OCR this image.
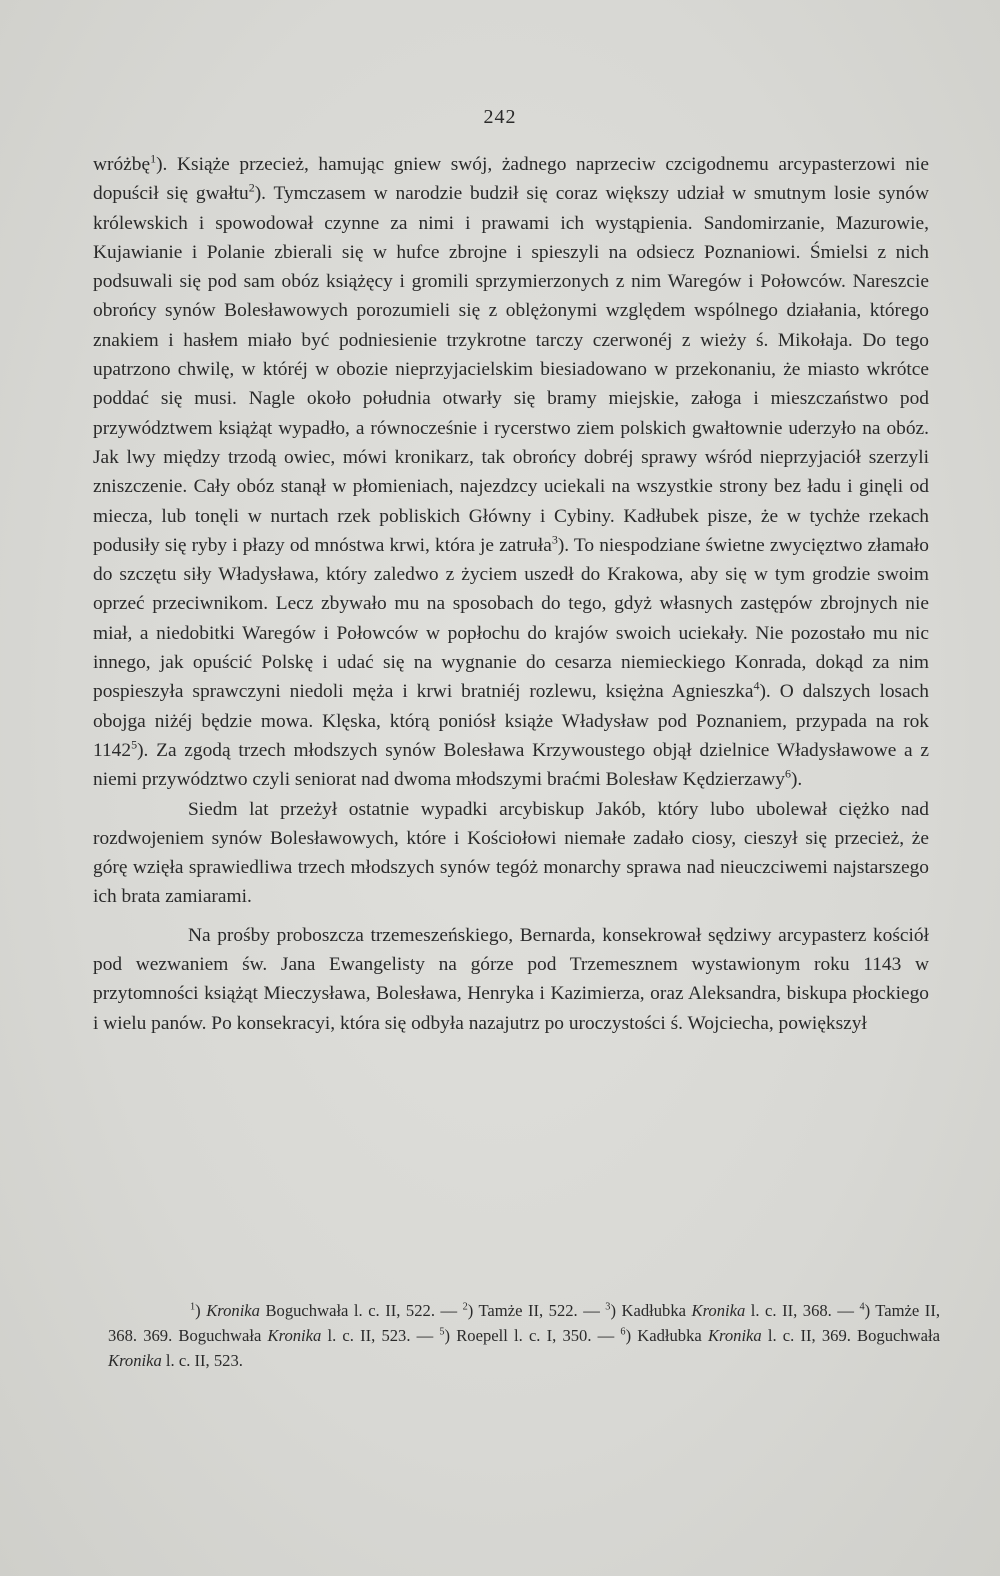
242

wróżbę$^1$). Książe przecież, hamując gniew swój, żadnego naprzeciw czcigodnemu arcypasterzowi nie dopuścił się gwałtu$^2$). Tymczasem w narodzie budził się coraz większy udział w smutnym losie synów królewskich i spowodował czynne za nimi i prawami ich wystąpienia. Sandomirzanie, Mazurowie, Kujawianie i Polanie zbierali się w hufce zbrojne i spieszyli na odsiecz Poznaniowi. Śmielsi z nich podsuwali się pod sam obóz książęcy i gromili sprzymierzonych z nim Waregów i Połowców. Nareszcie obrońcy synów Bolesławowych porozumieli się z oblężonymi względem wspólnego działania, którego znakiem i hasłem miało być podniesienie trzykrotne tarczy czerwonéj z wieży ś. Mikołaja. Do tego upatrzono chwilę, w któréj w obozie nieprzyjacielskim biesiadowano w przekonaniu, że miasto wkrótce poddać się musi. Nagle około południa otwarły się bramy miejskie, załoga i mieszczaństwo pod przywództwem książąt wypadło, a równocześnie i rycerstwo ziem polskich gwałtownie uderzyło na obóz. Jak lwy między trzodą owiec, mówi kronikarz, tak obrońcy dobréj sprawy wśród nieprzyjaciół szerzyli zniszczenie. Cały obóz stanął w płomieniach, najezdzcy uciekali na wszystkie strony bez ładu i ginęli od miecza, lub tonęli w nurtach rzek pobliskich Główny i Cybiny. Kadłubek pisze, że w tychże rzekach podusiły się ryby i płazy od mnóstwa krwi, która je zatruła$^3$). To niespodziane świetne zwycięztwo złamało do szczętu siły Władysława, który zaledwo z życiem uszedł do Krakowa, aby się w tym grodzie swoim oprzeć przeciwnikom. Lecz zbywało mu na sposobach do tego, gdyż własnych zastępów zbrojnych nie miał, a niedobitki Waregów i Połowców w popłochu do krajów swoich uciekały. Nie pozostało mu nic innego, jak opuścić Polskę i udać się na wygnanie do cesarza niemieckiego Konrada, dokąd za nim pospieszyła sprawczyni niedoli męża i krwi bratniéj rozlewu, księżna Agnieszka$^4$). O dalszych losach obojga niżéj będzie mowa. Klęska, którą poniósł książe Władysław pod Poznaniem, przypada na rok 1142$^5$). Za zgodą trzech młodszych synów Bolesława Krzywoustego objął dzielnice Władysławowe a z niemi przywództwo czyli seniorat nad dwoma młodszymi braćmi Bolesław Kędzierzawy$^6$).

Siedm lat przeżył ostatnie wypadki arcybiskup Jakób, który lubo ubolewał ciężko nad rozdwojeniem synów Bolesławowych, które i Kościołowi niemałe zadało ciosy, cieszył się przecież, że górę wzięła sprawiedliwa trzech młodszych synów tegóż monarchy sprawa nad nieuczciwemi najstarszego ich brata zamiarami.

Na prośby proboszcza trzemeszeńskiego, Bernarda, konsekrował sędziwy arcypasterz kościół pod wezwaniem św. Jana Ewangelisty na górze pod Trzemesznem wystawionym roku 1143 w przytomności książąt Mieczysława, Bolesława, Henryka i Kazimierza, oraz Aleksandra, biskupa płockiego i wielu panów. Po konsekracyi, która się odbyła nazajutrz po uroczystości ś. Wojciecha, powiększył

$^1$) Kronika Boguchwała l. c. II, 522. — $^2$) Tamże II, 522. — $^3$) Kadłubka Kronika l. c. II, 368. — $^4$) Tamże II, 368. 369. Boguchwała Kronika l. c. II, 523. — $^5$) Roepell l. c. I, 350. — $^6$) Kadłubka Kronika l. c. II, 369. Boguchwała Kronika l. c. II, 523.
